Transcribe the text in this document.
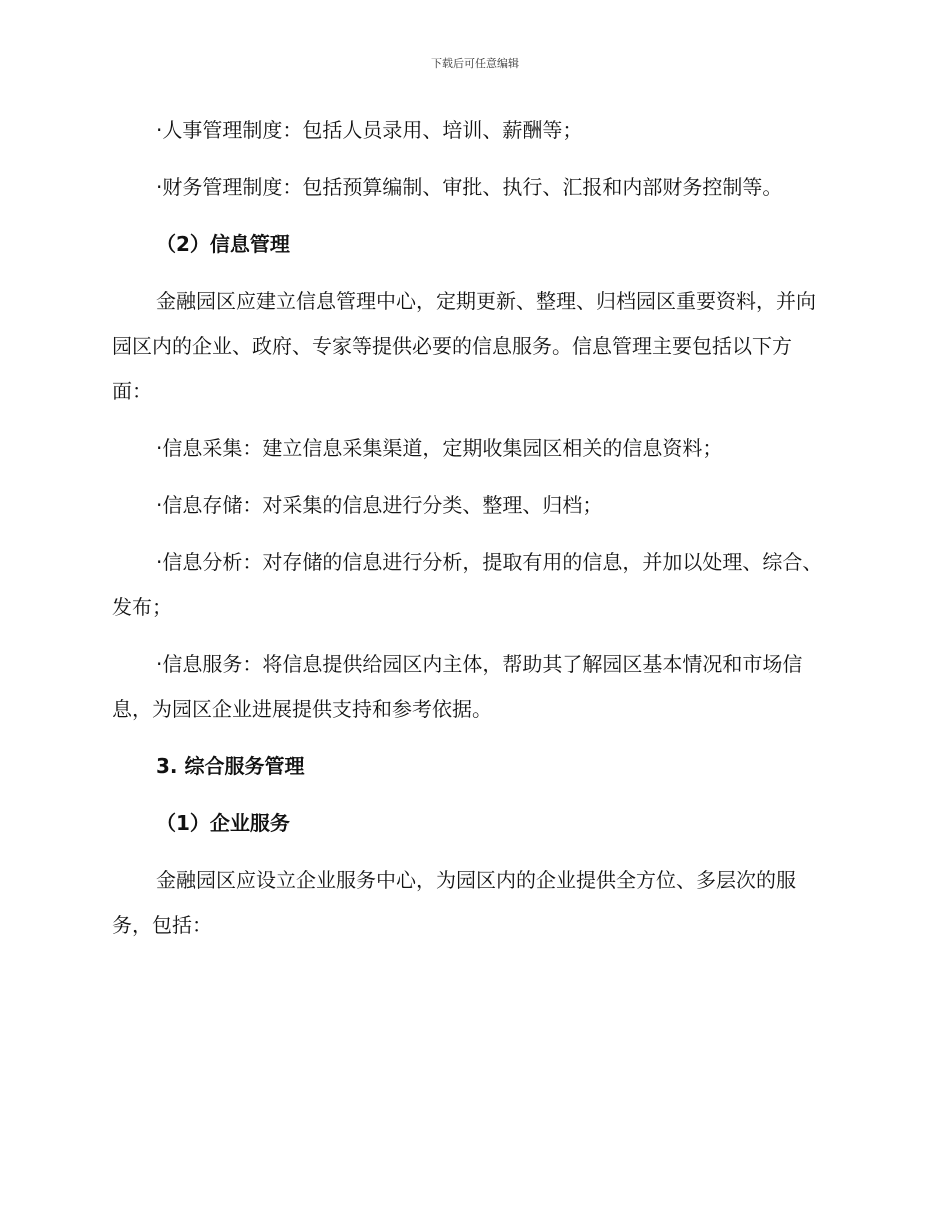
下载后可任意编辑

·人事管理制度：包括人员录用、培训、薪酬等；

·财务管理制度：包括预算编制、审批、执行、汇报和内部财务控制等。

（2）信息管理

金融园区应建立信息管理中心，定期更新、整理、归档园区重要资料，并向园区内的企业、政府、专家等提供必要的信息服务。信息管理主要包括以下方面：

·信息采集：建立信息采集渠道，定期收集园区相关的信息资料；

·信息存储：对采集的信息进行分类、整理、归档；

·信息分析：对存储的信息进行分析，提取有用的信息，并加以处理、综合、发布；

·信息服务：将信息提供给园区内主体，帮助其了解园区基本情况和市场信息，为园区企业进展提供支持和参考依据。

3. 综合服务管理

（1）企业服务

金融园区应设立企业服务中心，为园区内的企业提供全方位、多层次的服务，包括：
